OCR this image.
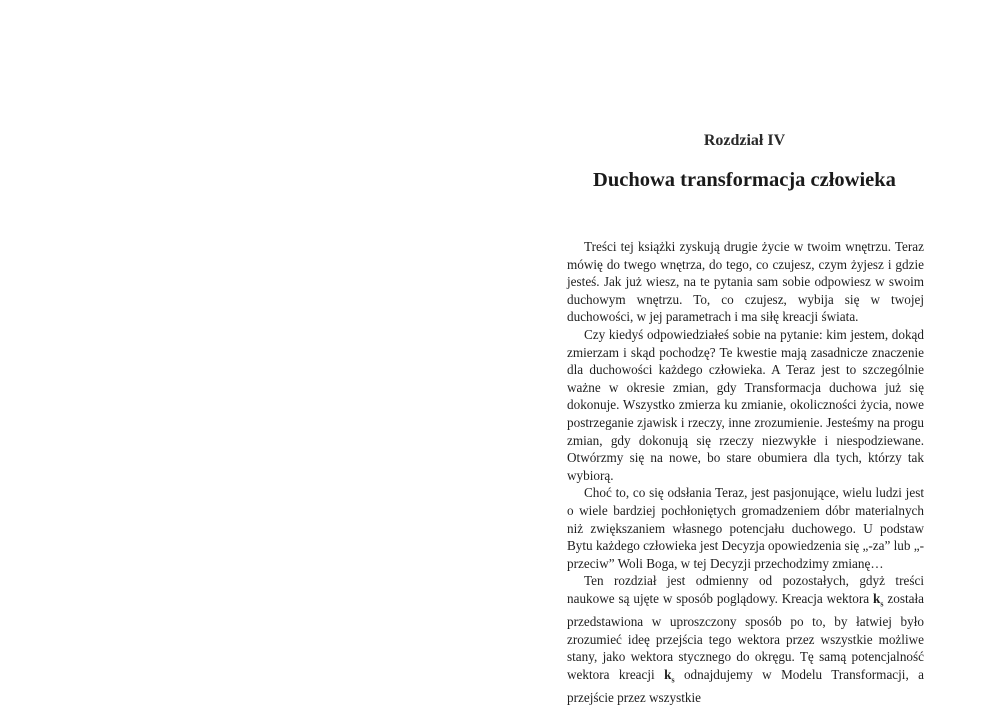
Rozdział IV
Duchowa transformacja człowieka

Treści tej książki zyskują drugie życie w twoim wnętrzu. Teraz mówię do twego wnętrza, do tego, co czujesz, czym żyjesz i gdzie jesteś. Jak już wiesz, na te pytania sam sobie odpowiesz w swoim duchowym wnętrzu. To, co czujesz, wybija się w twojej duchowości, w jej parametrach i ma siłę kreacji świata.

Czy kiedyś odpowiedziałeś sobie na pytanie: kim jestem, dokąd zmierzam i skąd pochodzę? Te kwestie mają zasadnicze znaczenie dla duchowości każdego człowieka. A Teraz jest to szczególnie ważne w okresie zmian, gdy Transformacja duchowa już się dokonuje. Wszystko zmierza ku zmianie, okoliczności życia, nowe postrzeganie zjawisk i rzeczy, inne zrozumienie. Jesteśmy na progu zmian, gdy dokonują się rzeczy niezwykłe i niespodziewane. Otwórzmy się na nowe, bo stare obumiera dla tych, którzy tak wybiorą.

Choć to, co się odsłania Teraz, jest pasjonujące, wielu ludzi jest o wiele bardziej pochłoniętych gromadzeniem dóbr materialnych niż zwiększaniem własnego potencjału duchowego. U podstaw Bytu każdego człowieka jest Decyzja opowiedzenia się „-za” lub „-przeciw” Woli Boga, w tej Decyzji przechodzimy zmianę…

Ten rozdział jest odmienny od pozostałych, gdyż treści naukowe są ujęte w sposób poglądowy. Kreacja wektora $k_s$ została przedstawiona w uproszczony sposób po to, by łatwiej było zrozumieć ideę przejścia tego wektora przez wszystkie możliwe stany, jako wektora stycznego do okręgu. Tę samą potencjalność wektora kreacji $k_s$ odnajdujemy w Modelu Transformacji, a przejście przez wszystkie
